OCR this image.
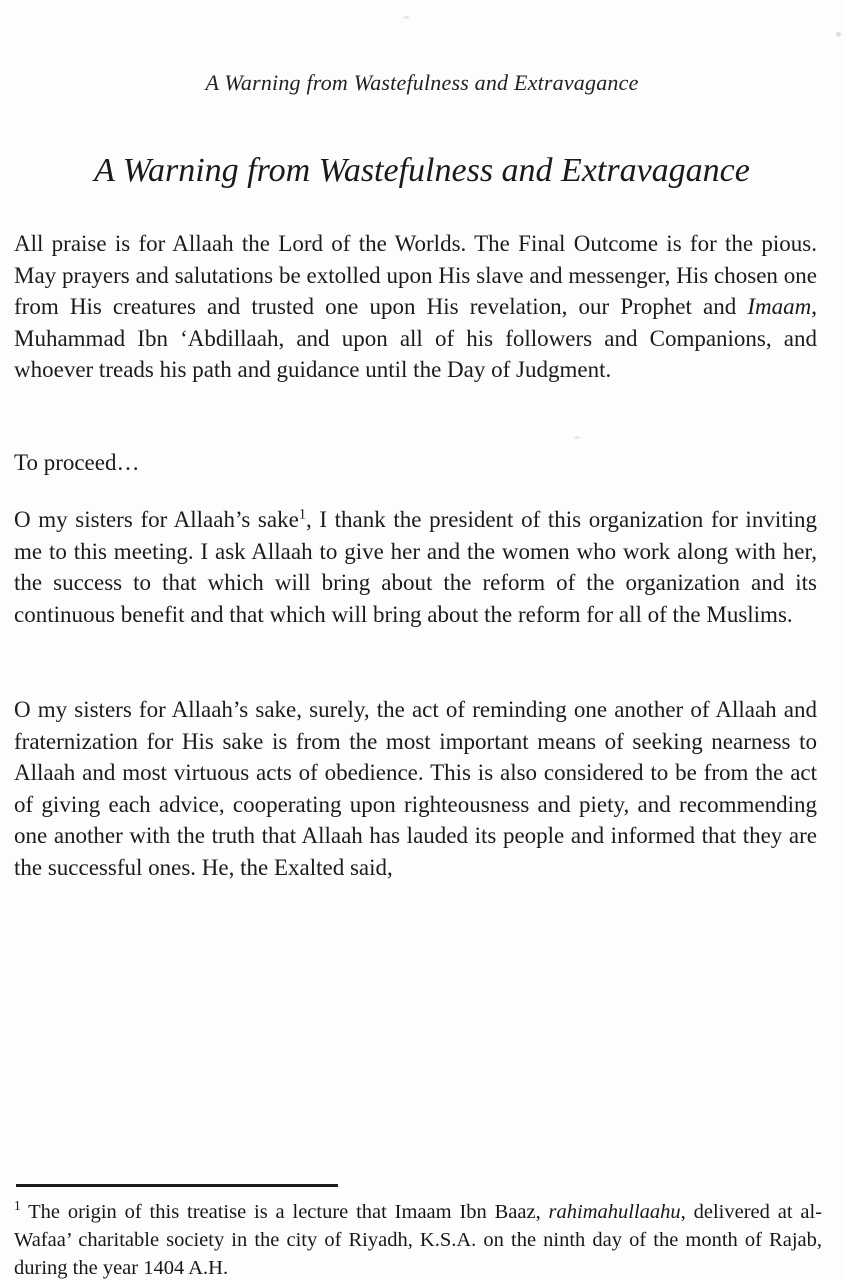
A Warning from Wastefulness and Extravagance
A Warning from Wastefulness and Extravagance

All praise is for Allaah the Lord of the Worlds. The Final Outcome is for the pious. May prayers and salutations be extolled upon His slave and messenger, His chosen one from His creatures and trusted one upon His revelation, our Prophet and Imaam, Muhammad Ibn ‘Abdillaah, and upon all of his followers and Companions, and whoever treads his path and guidance until the Day of Judgment.

To proceed…

O my sisters for Allaah’s sake$^1$, I thank the president of this organization for inviting me to this meeting. I ask Allaah to give her and the women who work along with her, the success to that which will bring about the reform of the organization and its continuous benefit and that which will bring about the reform for all of the Muslims.

O my sisters for Allaah’s sake, surely, the act of reminding one another of Allaah and fraternization for His sake is from the most important means of seeking nearness to Allaah and most virtuous acts of obedience. This is also considered to be from the act of giving each advice, cooperating upon righteousness and piety, and recommending one another with the truth that Allaah has lauded its people and informed that they are the successful ones. He, the Exalted said,

$^1$ The origin of this treatise is a lecture that Imaam Ibn Baaz, rahimahullaahu, delivered at al-Wafaa’ charitable society in the city of Riyadh, K.S.A. on the ninth day of the month of Rajab, during the year 1404 A.H.
